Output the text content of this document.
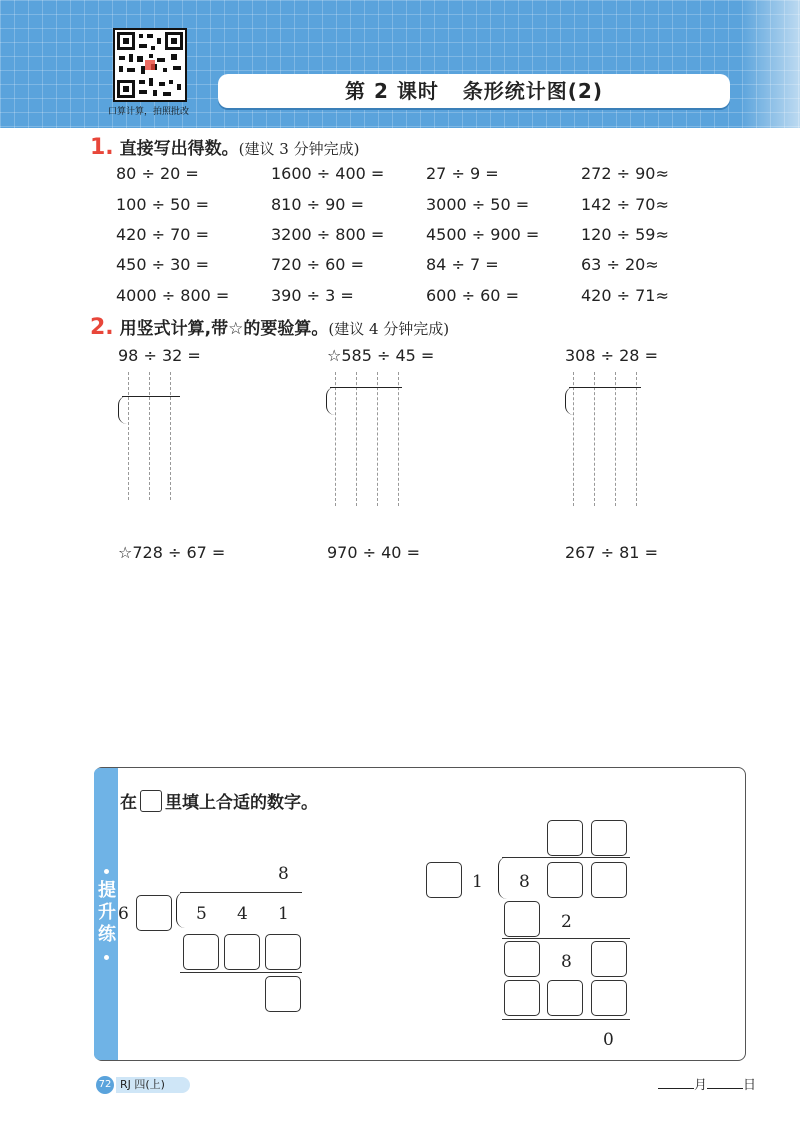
口算计算，拍照批改
第 2 课时   条形统计图(2)
1. 直接写出得数。(建议 3 分钟完成)
80 ÷ 20 =	1600 ÷ 400 =	27 ÷ 9 =	272 ÷ 90≈
100 ÷ 50 =	810 ÷ 90 =	3000 ÷ 50 =	142 ÷ 70≈
420 ÷ 70 =	3200 ÷ 800 =	4500 ÷ 900 =	120 ÷ 59≈
450 ÷ 30 =	720 ÷ 60 =	84 ÷ 7 =	63 ÷ 20≈
4000 ÷ 800 =	390 ÷ 3 =	600 ÷ 60 =	420 ÷ 71≈
2. 用竖式计算,带☆的要验算。(建议 4 分钟完成)
98 ÷ 32 =	☆585 ÷ 45 =	308 ÷ 28 =
☆728 ÷ 67 =	970 ÷ 40 =	267 ÷ 81 =
提升练
在 里填上合适的数字。
8
6	5 4 1
1 8
2
8
0
72 RJ 四(上)	月	日
